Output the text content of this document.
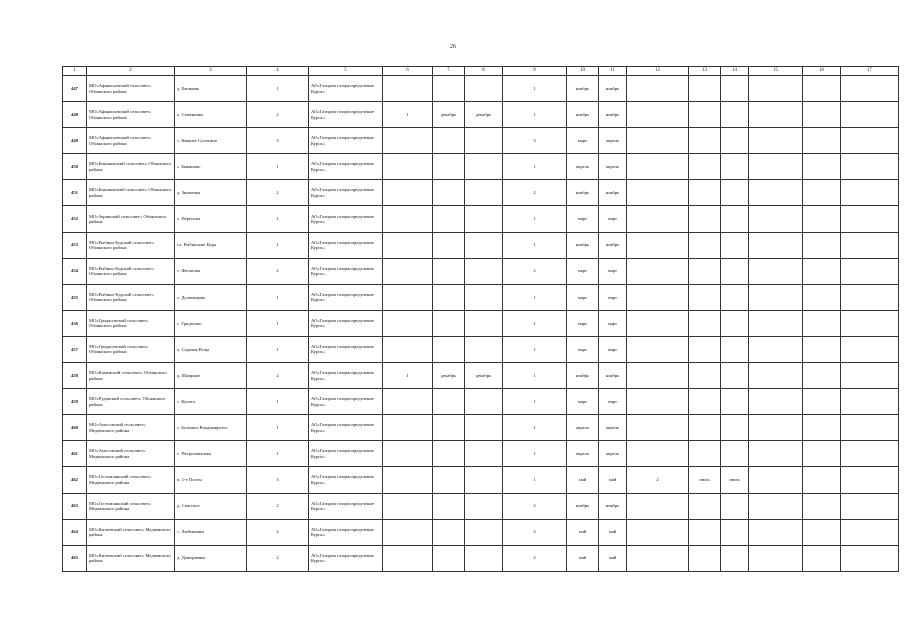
26
1	2	3	4	5	6	7	8	9	10	11	12	13	14	15	16	17
447	МО«Афанасьевский сельсовет» Обоянского района	д. Башкино	1	АО«Газпром газораспределение Курск»				1	ноябрь	ноябрь						
448	МО«Афанасьевский сельсовет» Обоянского района	х. Семеновка	2	АО«Газпром газораспределение Курск»	1	декабрь	декабрь	1	ноябрь	ноябрь						
449	МО«Афанасьевский сельсовет» Обоянского района	с. Нижнее Солотино	3	АО«Газпром газораспределение Курск»				3	март	апрель						
450	МО«Быкановский сельсовет» Обоянского района	с. Быканово	1	АО«Газпром газораспределение Курск»				1	апрель	апрель						
451	МО«Быкановский сельсовет» Обоянского района	д. Знаменка	2	АО«Газпром газораспределение Курск»				2	ноябрь	ноябрь						
452	МО«Зоринский сельсовет» Обоянского района	с. Пересьма	1	АО«Газпром газораспределение Курск»				1	март	март						
453	МО«Рыбино-Будский сельсовет» Обоянского района	сл. Рыбинские Буды	1	АО«Газпром газораспределение Курск»				1	ноябрь	ноябрь						
454	МО«Рыбино-Будский сельсовет» Обоянского района	с. Филатова	2	АО«Газпром газораспределение Курск»				2	март	март						
455	МО«Рыбино-Будский сельсовет» Обоянского района	с. Долженково	1	АО«Газпром газораспределение Курск»				1	март	март						
456	МО«Гридасовский сельсовет» Обоянского района	с. Гридасово	1	АО«Газпром газораспределение Курск»				1	март	март						
457	МО«Гридасовский сельсовет» Обоянского района	х. Садовая Роща	1	АО«Газпром газораспределение Курск»				1	март	март						
458	МО«Каменский сельсовет» Обоянского района	д. Шмарное	2	АО«Газпром газораспределение Курск»	1	декабрь	декабрь	1	ноябрь	ноябрь						
459	МО«Рудавский сельсовет» Обоянского района	с. Кулига	1	АО«Газпром газораспределение Курск»				1	март	март						
460	МО«Амосовский сельсовет» Медвенского района	с. Большое Владимирowo	1	АО«Газпром газораспределение Курск»				1	апрель	апрель						
461	МО«Амосовский сельсовет» Медвенского района	с. Петропавловка	1	АО«Газпром газораспределение Курск»				1	апрель	апрель						
462	МО«Гостомлянский сельсовет» Медвенского района	п. 1-е Плоты	3	АО«Газпром газораспределение Курск»				1	май	май	2	июль	июль			
463	МО«Гостомлянский сельсовет» Медвенского района	д. Спасское	2	АО«Газпром газораспределение Курск»				2	ноябрь	ноябрь						
464	МО«Китаевский сельсовет» Медвенского района	с. Любимовка	2	АО«Газпром газораспределение Курск»				2	май	май						
465	МО«Китаевский сельсовет» Медвенского района	д. Дмитриевка	2	АО«Газпром газораспределение Курск»				2	май	май						
